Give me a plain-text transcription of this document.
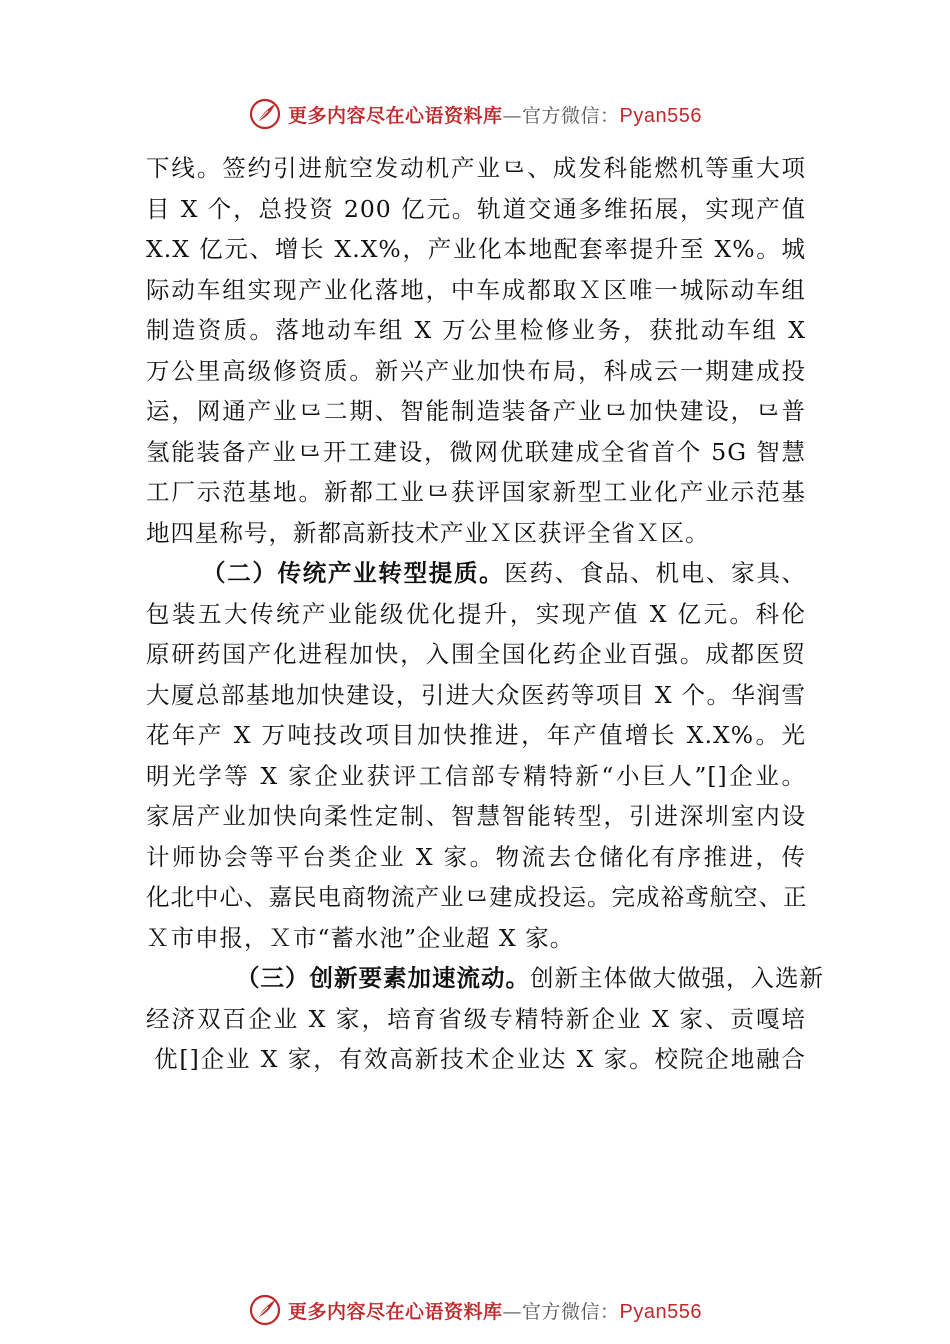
更多内容尽在心语资料库—官方微信：Pyan556
下线。签约引进航空发动机产业⺋、成发科能燃机等重大项
目 X 个，总投资 200 亿元。轨道交通多维拓展，实现产值
X.X 亿元、增长 X.X%，产业化本地配套率提升至 X%。城
际动车组实现产业化落地，中车成都取Ｘ区唯一城际动车组
制造资质。落地动车组 X 万公里检修业务，获批动车组 X
万公里高级修资质。新兴产业加快布局，科成云一期建成投
运，网通产业⺋二期、智能制造装备产业⺋加快建设，⺋普
氢能装备产业⺋开工建设，微网优联建成全省首个 5G 智慧
工厂示范基地。新都工业⺋获评国家新型工业化产业示范基
地四星称号，新都高新技术产业Ｘ区获评全省Ｘ区。
（二）传统产业转型提质。医药、食品、机电、家具、
包装五大传统产业能级优化提升，实现产值 X 亿元。科伦
原研药国产化进程加快，入围全国化药企业百强。成都医贸
大厦总部基地加快建设，引进大众医药等项目 X 个。华润雪
花年产 X 万吨技改项目加快推进，年产值增长 X.X%。光
明光学等 X 家企业获评工信部专精特新“小巨人”[]企业。
家居产业加快向柔性定制、智慧智能转型，引进深圳室内设
计师协会等平台类企业 X 家。物流去仓储化有序推进，传
化北中心、嘉民电商物流产业⺋建成投运。完成裕鸢航空、正
Ｘ市申报，Ｘ市“蓄水池”企业超 X 家。
（三）创新要素加速流动。创新主体做大做强，入选新
经济双百企业 X 家，培育省级专精特新企业 X 家、贡嘎培
优[]企业 X 家，有效高新技术企业达 X 家。校院企地融合
更多内容尽在心语资料库—官方微信：Pyan556
